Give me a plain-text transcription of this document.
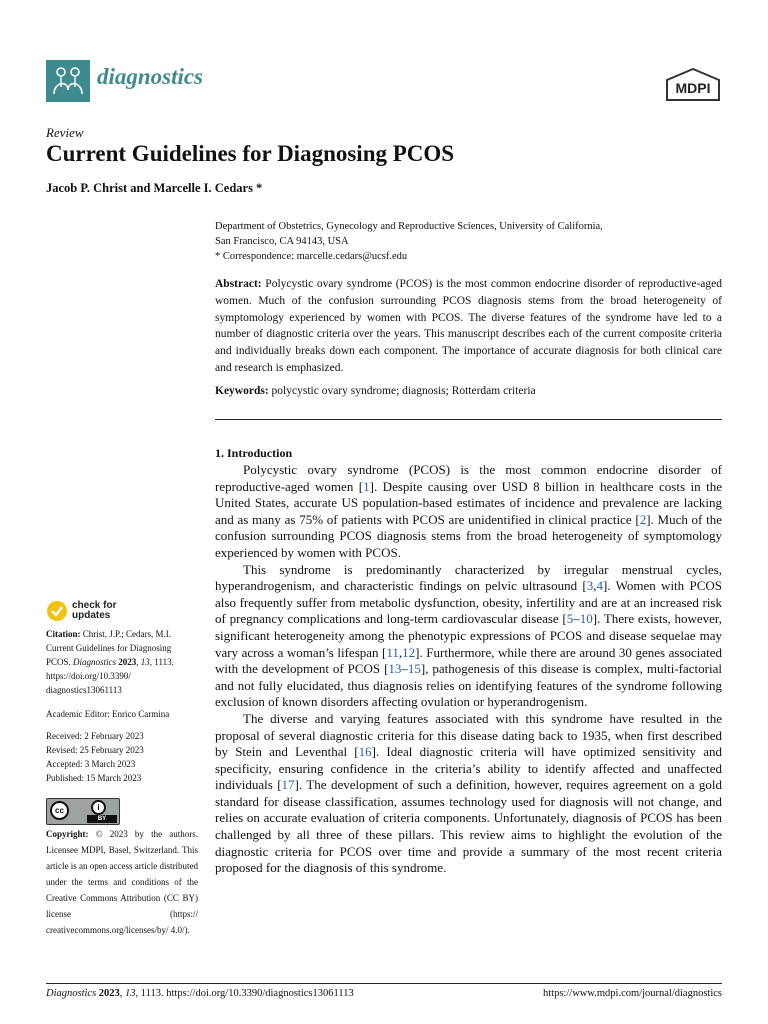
diagnostics	MDPI
Review
Current Guidelines for Diagnosing PCOS
Jacob P. Christ and Marcelle I. Cedars *
Department of Obstetrics, Gynecology and Reproductive Sciences, University of California,
San Francisco, CA 94143, USA
* Correspondence: marcelle.cedars@ucsf.edu
Abstract: Polycystic ovary syndrome (PCOS) is the most common endocrine disorder of reproductive-aged women. Much of the confusion surrounding PCOS diagnosis stems from the broad heterogeneity of symptomology experienced by women with PCOS. The diverse features of the syndrome have led to a number of diagnostic criteria over the years. This manuscript describes each of the current composite criteria and individually breaks down each component. The importance of accurate diagnosis for both clinical care and research is emphasized.
Keywords: polycystic ovary syndrome; diagnosis; Rotterdam criteria
1. Introduction

Polycystic ovary syndrome (PCOS) is the most common endocrine disorder of reproductive-aged women [1]. Despite causing over USD 8 billion in healthcare costs in the United States, accurate US population-based estimates of incidence and prevalence are lacking and as many as 75% of patients with PCOS are unidentified in clinical practice [2]. Much of the confusion surrounding PCOS diagnosis stems from the broad heterogeneity of symptomology experienced by women with PCOS.

This syndrome is predominantly characterized by irregular menstrual cycles, hyperandrogenism, and characteristic findings on pelvic ultrasound [3,4]. Women with PCOS also frequently suffer from metabolic dysfunction, obesity, infertility and are at an increased risk of pregnancy complications and long-term cardiovascular disease [5–10]. There exists, however, significant heterogeneity among the phenotypic expressions of PCOS and disease sequelae may vary across a woman’s lifespan [11,12]. Furthermore, while there are around 30 genes associated with the development of PCOS [13–15], pathogenesis of this disease is complex, multi-factorial and not fully elucidated, thus diagnosis relies on identifying features of the syndrome following exclusion of known disorders affecting ovulation or hyperandrogenism.

The diverse and varying features associated with this syndrome have resulted in the proposal of several diagnostic criteria for this disease dating back to 1935, when first described by Stein and Leventhal [16]. Ideal diagnostic criteria will have optimized sensitivity and specificity, ensuring confidence in the criteria’s ability to identify affected and unaffected individuals [17]. The development of such a definition, however, requires agreement on a gold standard for disease classification, assumes technology used for diagnosis will not change, and relies on accurate evaluation of criteria components. Unfortunately, diagnosis of PCOS has been challenged by all three of these pillars. This review aims to highlight the evolution of the diagnostic criteria for PCOS over time and provide a summary of the most recent criteria proposed for the diagnosis of this syndrome.

check for
updates
Citation: Christ, J.P.; Cedars, M.I. Current Guidelines for Diagnosing PCOS. Diagnostics 2023, 13, 1113. https://doi.org/10.3390/ diagnostics13061113
Academic Editor: Enrico Carmina
Received: 2 February 2023
Revised: 25 February 2023
Accepted: 3 March 2023
Published: 15 March 2023
cc	i
BY
Copyright: © 2023 by the authors. Licensee MDPI, Basel, Switzerland. This article is an open access article distributed under the terms and conditions of the Creative Commons Attribution (CC BY) license (https:// creativecommons.org/licenses/by/ 4.0/).
Diagnostics 2023, 13, 1113. https://doi.org/10.3390/diagnostics13061113	https://www.mdpi.com/journal/diagnostics
